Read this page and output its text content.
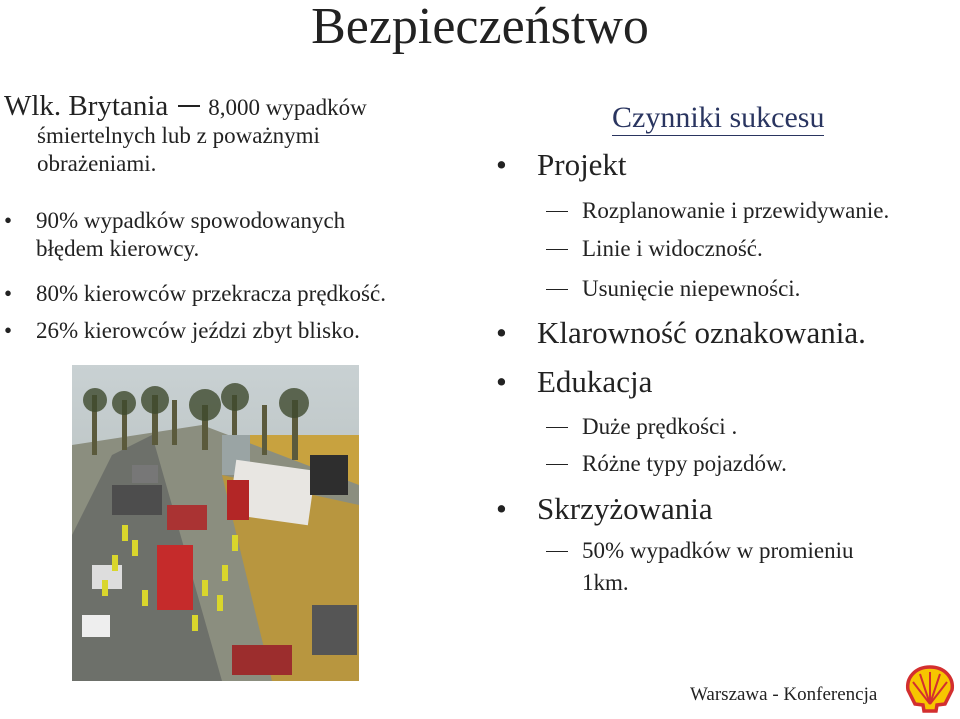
Bezpieczeństwo
Wlk. Brytania 8,000 wypadków
śmiertelnych lub z poważnymi
obrażeniami.
•	90% wypadków spowodowanych
błędem kierowcy.
•	80% kierowców przekracza prędkość.
•	26% kierowców jeździ zbyt blisko.
Czynniki sukcesu
• Projekt
Rozplanowanie i przewidywanie.
Linie i widoczność.
Usunięcie niepewności.
• Klarowność oznakowania.
• Edukacja
Duże prędkości .
Różne typy pojazdów.
• Skrzyżowania
50% wypadków w promieniu
1km.
Warszawa - Konferencja
